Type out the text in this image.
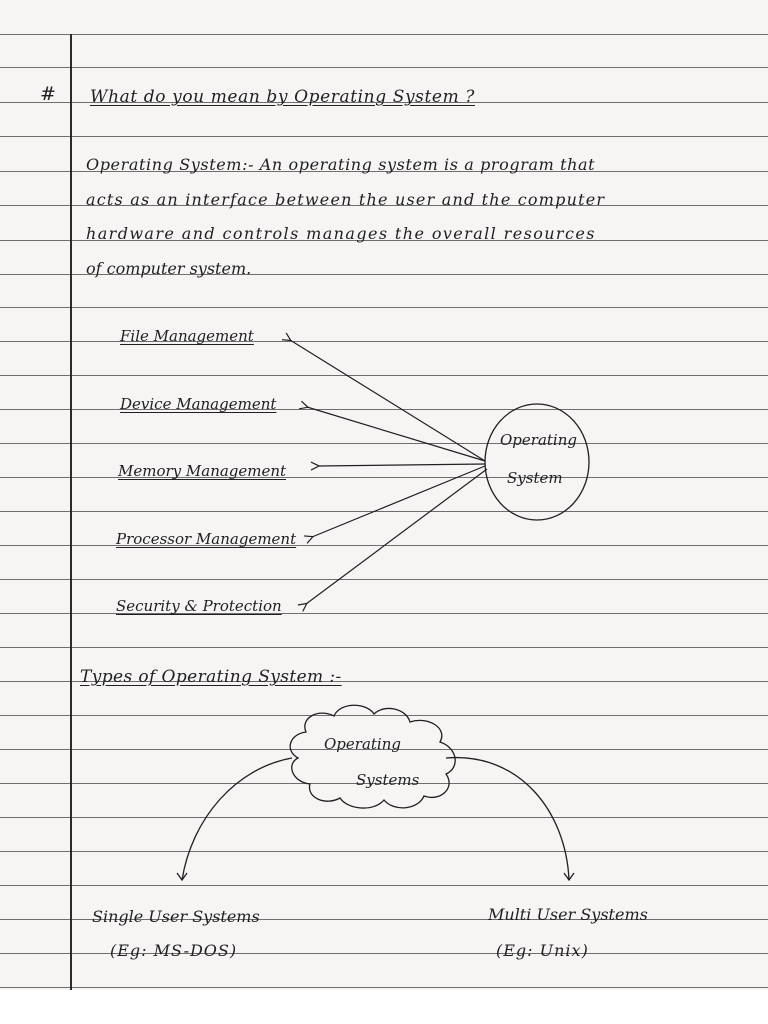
# What do you mean by Operating System ?
Operating System:- An operating system is a program that
acts as an interface between the user and the computer
hardware and controls manages the overall resources
of computer system.
File Management
Device Management
Memory Management
Processor Management
Security & Protection
Operating
System
Types of Operating System :-
Operating
Systems
Single User Systems
(Eg: MS-DOS)
Multi User Systems
(Eg: Unix)
